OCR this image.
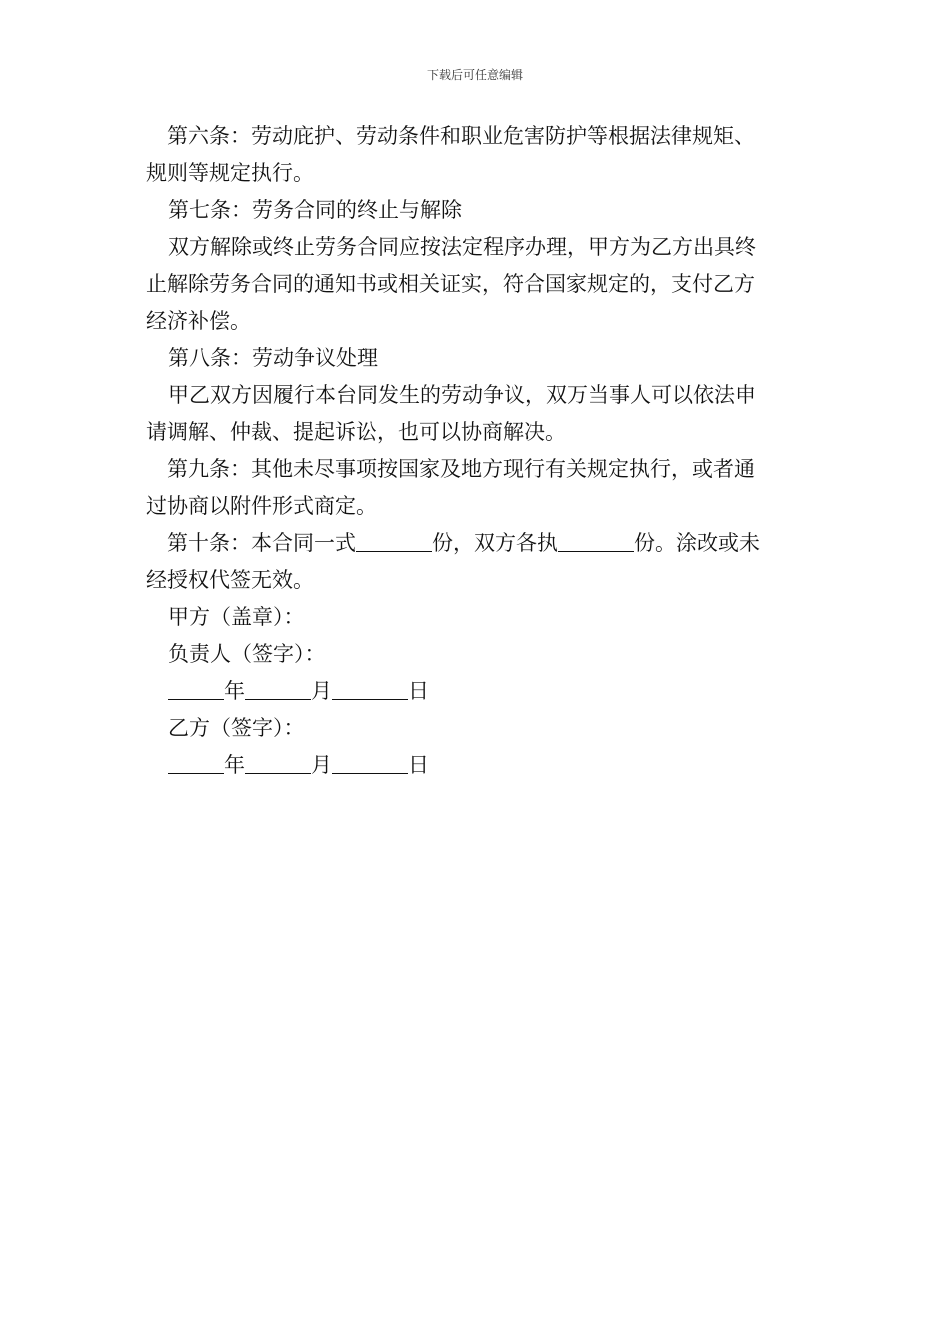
下载后可任意编辑

第六条：劳动庇护、劳动条件和职业危害防护等根据法律规矩、

规则等规定执行。

第七条：劳务合同的终止与解除

双方解除或终止劳务合同应按法定程序办理，甲方为乙方出具终

止解除劳务合同的通知书或相关证实，符合国家规定的，支付乙方

经济补偿。

第八条：劳动争议处理

甲乙双方因履行本台同发生的劳动争议，双万当事人可以依法申

请调解、仲裁、提起诉讼，也可以协商解决。

第九条：其他未尽事项按国家及地方现行有关规定执行，或者通

过协商以附件形式商定。

第十条：本合同一式	份，双方各执	份。涂改或未

经授权代签无效。

甲方（盖章）：

负责人（签字）：

年	月	日

乙方（签字）：

年	月	日
